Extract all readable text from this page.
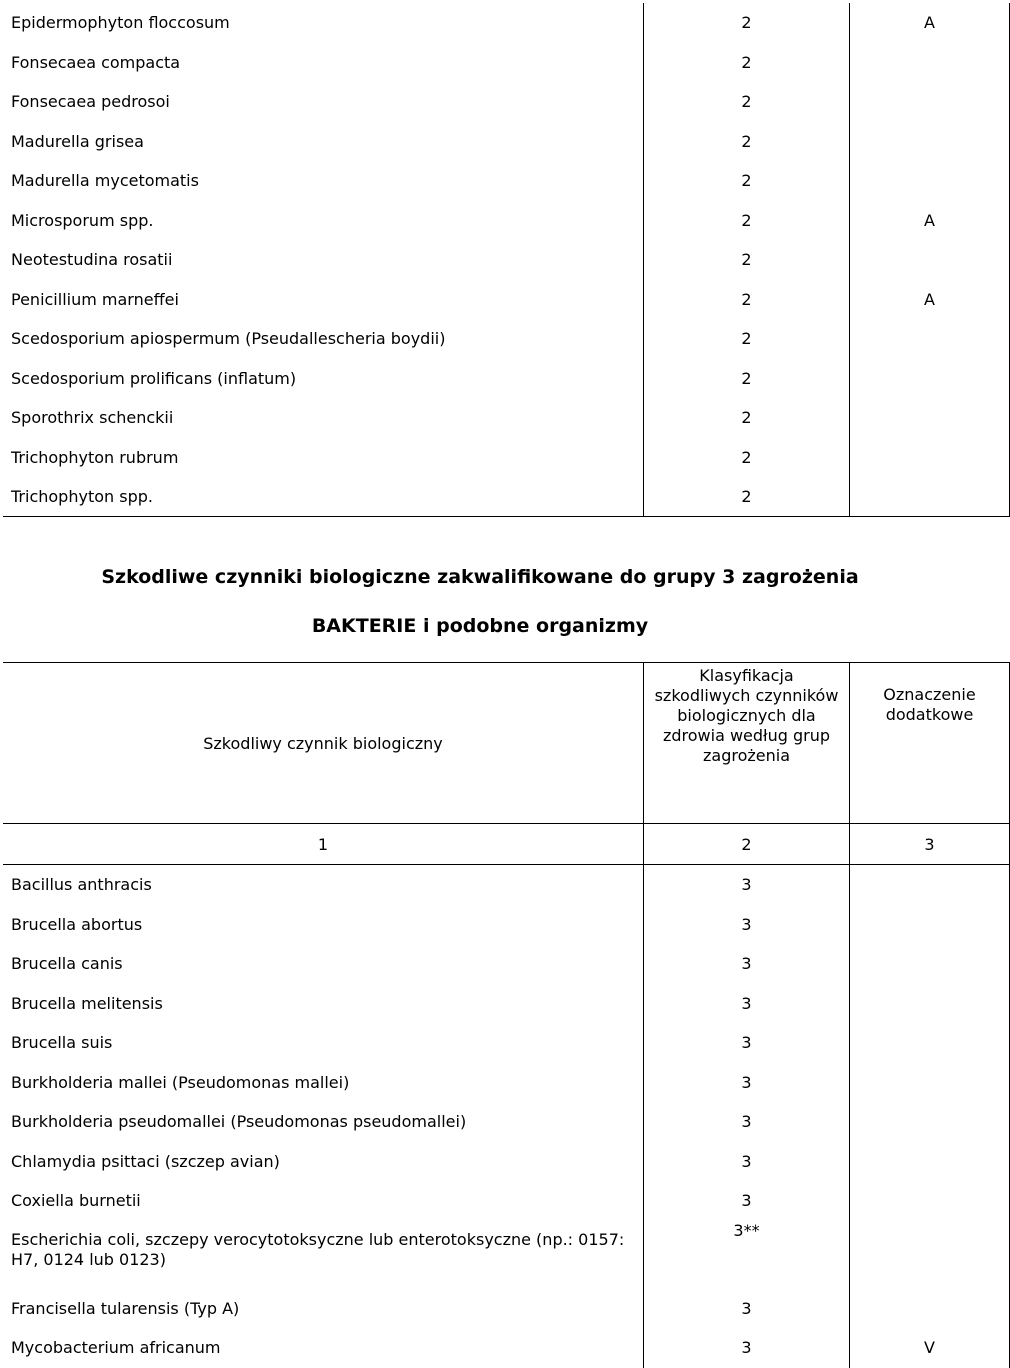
Epidermophyton floccosum	2	A
Fonsecaea compacta	2	
Fonsecaea pedrosoi	2	
Madurella grisea	2	
Madurella mycetomatis	2	
Microsporum spp.	2	A
Neotestudina rosatii	2	
Penicillium marneffei	2	A
Scedosporium apiospermum (Pseudallescheria boydii)	2	
Scedosporium prolificans (inflatum)	2	
Sporothrix schenckii	2	
Trichophyton rubrum	2	
Trichophyton spp.	2	
Szkodliwe czynniki biologiczne zakwalifikowane do grupy 3 zagrożenia
BAKTERIE i podobne organizmy
Szkodliwy czynnik biologiczny	Klasyfikacja szkodliwych czynników biologicznych dla zdrowia według grup zagrożenia	Oznaczenie dodatkowe
1	2	3
Bacillus anthracis	3	
Brucella abortus	3	
Brucella canis	3	
Brucella melitensis	3	
Brucella suis	3	
Burkholderia mallei (Pseudomonas mallei)	3	
Burkholderia pseudomallei (Pseudomonas pseudomallei)	3	
Chlamydia psittaci (szczep avian)	3	
Coxiella burnetii	3	
Escherichia coli, szczepy verocytotoksyczne lub enterotoksyczne (np.: 0157: H7, 0124 lub 0123)	3**	
Francisella tularensis (Typ A)	3	
Mycobacterium africanum	3	V
